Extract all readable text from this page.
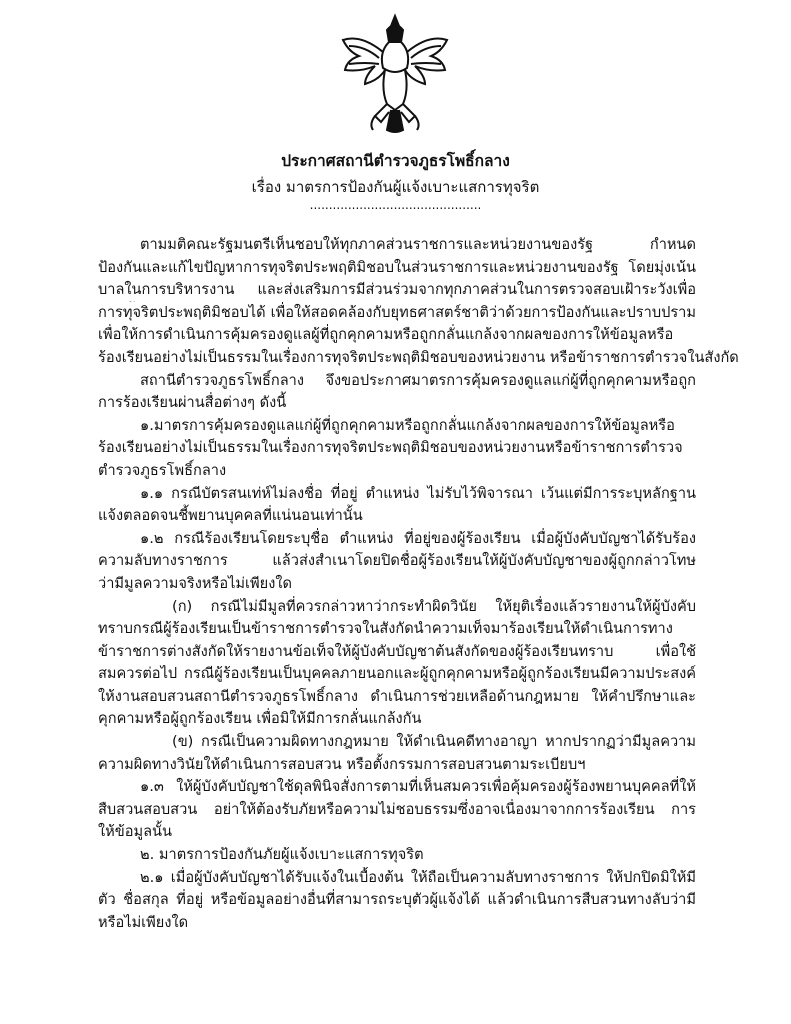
ประกาศสถานีตำรวจภูธรโพธิ์กลาง
เรื่อง มาตรการป้องกันผู้แจ้งเบาะแสการทุจริต
.............................................
ตามมติคณะรัฐมนตรีเห็นชอบให้ทุกภาคส่วนราชการและหน่วยงานของรัฐ กำหนด
ป้องกันและแก้ไขปัญหาการทุจริตประพฤติมิชอบในส่วนราชการและหน่วยงานของรัฐ โดยมุ่งเน้น
บาลในการบริหารงาน และส่งเสริมการมีส่วนร่วมจากทุกภาคส่วนในการตรวจสอบเฝ้าระวังเพื่อ
การทุจริตประพฤติมิชอบได้ เพื่อให้สอดคล้องกับยุทธศาสตร์ชาติว่าด้วยการป้องกันและปราบปราม
เพื่อให้การดำเนินการคุ้มครองดูแลผู้ที่ถูกคุกคามหรือถูกกลั่นแกล้งจากผลของการให้ข้อมูลหรือ
ร้องเรียนอย่างไม่เป็นธรรมในเรื่องการทุจริตประพฤติมิชอบของหน่วยงาน หรือข้าราชการตำรวจในสังกัด
สถานีตำรวจภูธรโพธิ์กลาง จึงขอประกาศมาตรการคุ้มครองดูแลแก่ผู้ที่ถูกคุกคามหรือถูก
การร้องเรียนผ่านสื่อต่างๆ ดังนี้
๑.มาตรการคุ้มครองดูแลแก่ผู้ที่ถูกคุกคามหรือถูกกลั่นแกล้งจากผลของการให้ข้อมูลหรือ
ร้องเรียนอย่างไม่เป็นธรรมในเรื่องการทุจริตประพฤติมิชอบของหน่วยงานหรือข้าราชการตำรวจ
ตำรวจภูธรโพธิ์กลาง
๑.๑ กรณีบัตรสนเท่ห์ไม่ลงชื่อ ที่อยู่ ตำแหน่ง ไม่รับไว้พิจารณา เว้นแต่มีการระบุหลักฐาน
แจ้งตลอดจนชี้พยานบุคคลที่แน่นอนเท่านั้น
๑.๒ กรณีร้องเรียนโดยระบุชื่อ ตำแหน่ง ที่อยู่ของผู้ร้องเรียน เมื่อผู้บังคับบัญชาได้รับร้อง
ความลับทางราชการ แล้วส่งสำเนาโดยปิดชื่อผู้ร้องเรียนให้ผู้บังคับบัญชาของผู้ถูกกล่าวโทษ
ว่ามีมูลความจริงหรือไม่เพียงใด
(ก) กรณีไม่มีมูลที่ควรกล่าวหาว่ากระทำผิดวินัย ให้ยุติเรื่องแล้วรายงานให้ผู้บังคับ
ทราบกรณีผู้ร้องเรียนเป็นข้าราชการตำรวจในสังกัดนำความเท็จมาร้องเรียนให้ดำเนินการทาง
ข้าราชการต่างสังกัดให้รายงานข้อเท็จให้ผู้บังคับบัญชาต้นสังกัดของผู้ร้องเรียนทราบ เพื่อใช้
สมควรต่อไป กรณีผู้ร้องเรียนเป็นบุคคลภายนอกและผู้ถูกคุกคามหรือผู้ถูกร้องเรียนมีความประสงค์
ให้งานสอบสวนสถานีตำรวจภูธรโพธิ์กลาง ดำเนินการช่วยเหลือด้านกฎหมาย ให้คำปรึกษาและ
คุกคามหรือผู้ถูกร้องเรียน เพื่อมิให้มีการกลั่นแกล้งกัน
(ข) กรณีเป็นความผิดทางกฎหมาย ให้ดำเนินคดีทางอาญา หากปรากฏว่ามีมูลความ
ความผิดทางวินัยให้ดำเนินการสอบสวน หรือตั้งกรรมการสอบสวนตามระเบียบฯ
๑.๓ ให้ผู้บังคับบัญชาใช้ดุลพินิจสั่งการตามที่เห็นสมควรเพื่อคุ้มครองผู้ร้องพยานบุคคลที่ให้
สืบสวนสอบสวน อย่าให้ต้องรับภัยหรือความไม่ชอบธรรมซึ่งอาจเนื่องมาจากการร้องเรียน การ
ให้ข้อมูลนั้น
๒. มาตรการป้องกันภัยผู้แจ้งเบาะแสการทุจริต
๒.๑ เมื่อผู้บังคับบัญชาได้รับแจ้งในเบื้องต้น ให้ถือเป็นความลับทางราชการ ให้ปกปิดมิให้มี
ตัว ชื่อสกุล ที่อยู่ หรือข้อมูลอย่างอื่นที่สามารถระบุตัวผู้แจ้งได้ แล้วดำเนินการสืบสวนทางลับว่ามี
หรือไม่เพียงใด
